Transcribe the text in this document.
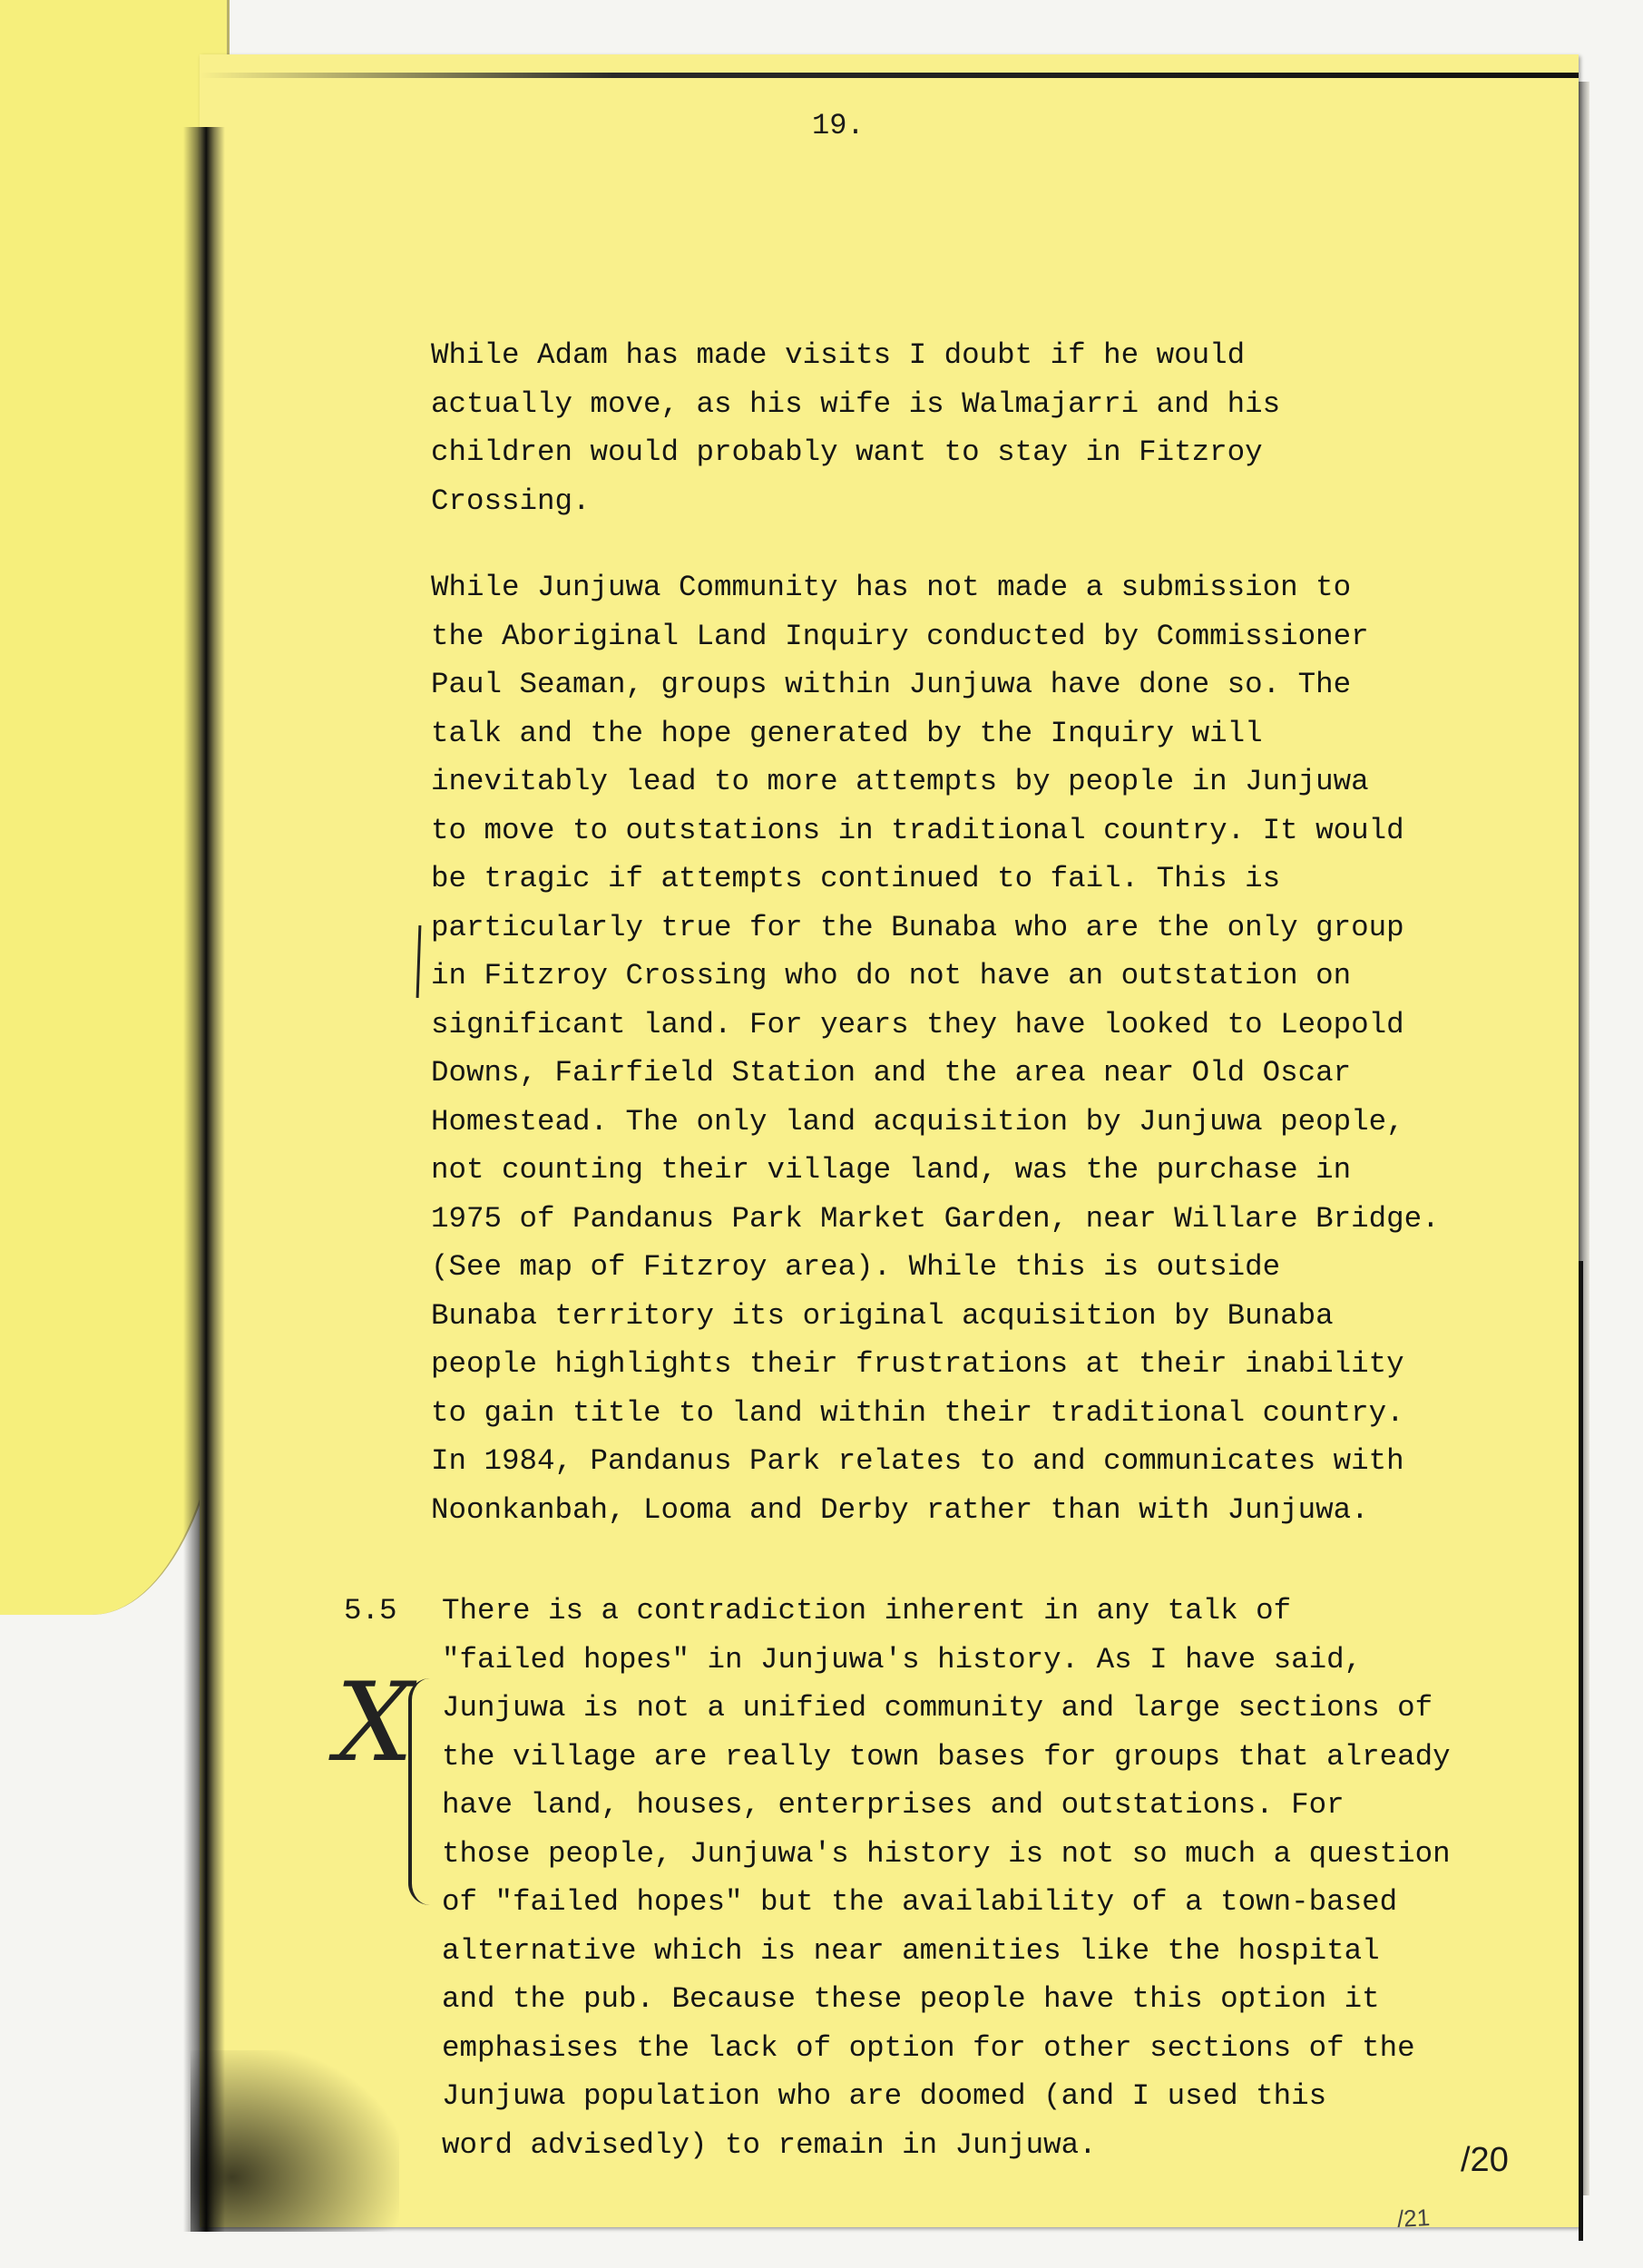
19.
X

While Adam has made visits I doubt if he would
actually move, as his wife is Walmajarri and his
children would probably want to stay in Fitzroy
Crossing.

While Junjuwa Community has not made a submission to
the Aboriginal Land Inquiry conducted by Commissioner
Paul Seaman, groups within Junjuwa have done so. The
talk and the hope generated by the Inquiry will
inevitably lead to more attempts by people in Junjuwa
to move to outstations in traditional country. It would
be tragic if attempts continued to fail. This is
particularly true for the Bunaba who are the only group
in Fitzroy Crossing who do not have an outstation on
significant land. For years they have looked to Leopold
Downs, Fairfield Station and the area near Old Oscar
Homestead. The only land acquisition by Junjuwa people,
not counting their village land, was the purchase in
1975 of Pandanus Park Market Garden, near Willare Bridge.
(See map of Fitzroy area). While this is outside
Bunaba territory its original acquisition by Bunaba
people highlights their frustrations at their inability
to gain title to land within their traditional country.
In 1984, Pandanus Park relates to and communicates with
Noonkanbah, Looma and Derby rather than with Junjuwa.

5.5 There is a contradiction inherent in any talk of
"failed hopes" in Junjuwa's history. As I have said,
Junjuwa is not a unified community and large sections of
the village are really town bases for groups that already
have land, houses, enterprises and outstations. For
those people, Junjuwa's history is not so much a question
of "failed hopes" but the availability of a town-based
alternative which is near amenities like the hospital
and the pub. Because these people have this option it
emphasises the lack of option for other sections of the
Junjuwa population who are doomed (and I used this
word advisedly) to remain in Junjuwa.	/20
/21
